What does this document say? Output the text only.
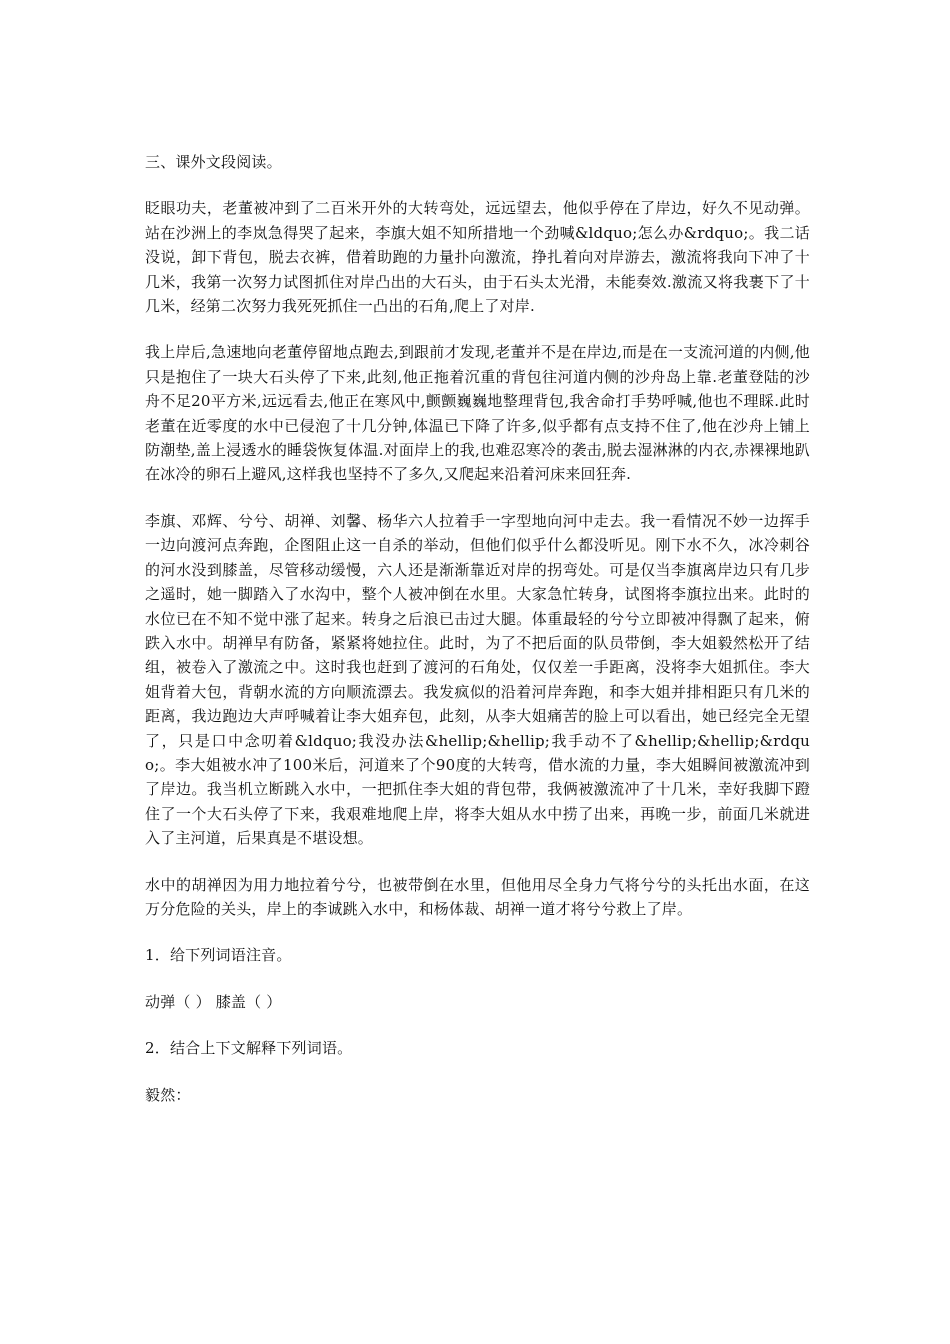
三、课外文段阅读。

眨眼功夫，老董被冲到了二百米开外的大转弯处，远远望去，他似乎停在了岸边，好久不见动弹。站在沙洲上的李岚急得哭了起来，李旗大姐不知所措地一个劲喊&ldquo;怎么办&rdquo;。我二话没说，卸下背包，脱去衣裤，借着助跑的力量扑向激流，挣扎着向对岸游去，激流将我向下冲了十几米，我第一次努力试图抓住对岸凸出的大石头，由于石头太光滑，未能奏效.激流又将我裹下了十几米，经第二次努力我死死抓住一凸出的石角,爬上了对岸.

我上岸后,急速地向老董停留地点跑去,到跟前才发现,老董并不是在岸边,而是在一支流河道的内侧,他只是抱住了一块大石头停了下来,此刻,他正拖着沉重的背包往河道内侧的沙舟岛上靠.老董登陆的沙舟不足20平方米,远远看去,他正在寒风中,颤颤巍巍地整理背包,我舍命打手势呼喊,他也不理睬.此时老董在近零度的水中已侵泡了十几分钟,体温已下降了许多,似乎都有点支持不住了,他在沙舟上铺上防潮垫,盖上浸透水的睡袋恢复体温.对面岸上的我,也难忍寒冷的袭击,脱去湿淋淋的内衣,赤裸裸地趴在冰冷的卵石上避风,这样我也坚持不了多久,又爬起来沿着河床来回狂奔.

李旗、邓辉、兮兮、胡禅、刘馨、杨华六人拉着手一字型地向河中走去。我一看情况不妙一边挥手一边向渡河点奔跑，企图阻止这一自杀的举动，但他们似乎什么都没听见。刚下水不久，冰冷刺谷的河水没到膝盖，尽管移动缓慢，六人还是渐渐靠近对岸的拐弯处。可是仅当李旗离岸边只有几步之遥时，她一脚踏入了水沟中，整个人被冲倒在水里。大家急忙转身，试图将李旗拉出来。此时的水位已在不知不觉中涨了起来。转身之后浪已击过大腿。体重最轻的兮兮立即被冲得飘了起来，俯跌入水中。胡禅早有防备，紧紧将她拉住。此时，为了不把后面的队员带倒，李大姐毅然松开了结组，被卷入了激流之中。这时我也赶到了渡河的石角处，仅仅差一手距离，没将李大姐抓住。李大姐背着大包，背朝水流的方向顺流漂去。我发疯似的沿着河岸奔跑，和李大姐并排相距只有几米的距离，我边跑边大声呼喊着让李大姐弃包，此刻，从李大姐痛苦的脸上可以看出，她已经完全无望了，只是口中念叨着&ldquo;我没办法&hellip;&hellip;我手动不了&hellip;&hellip;&rdquo;。李大姐被水冲了100米后，河道来了个90度的大转弯，借水流的力量，李大姐瞬间被激流冲到了岸边。我当机立断跳入水中，一把抓住李大姐的背包带，我俩被激流冲了十几米，幸好我脚下蹬住了一个大石头停了下来，我艰难地爬上岸，将李大姐从水中捞了出来，再晚一步，前面几米就进入了主河道，后果真是不堪设想。

水中的胡禅因为用力地拉着兮兮，也被带倒在水里，但他用尽全身力气将兮兮的头托出水面，在这万分危险的关头，岸上的李诚跳入水中，和杨体裁、胡禅一道才将兮兮救上了岸。

1．给下列词语注音。

动弹（ ） 膝盖（ ）

2．结合上下文解释下列词语。

毅然：
